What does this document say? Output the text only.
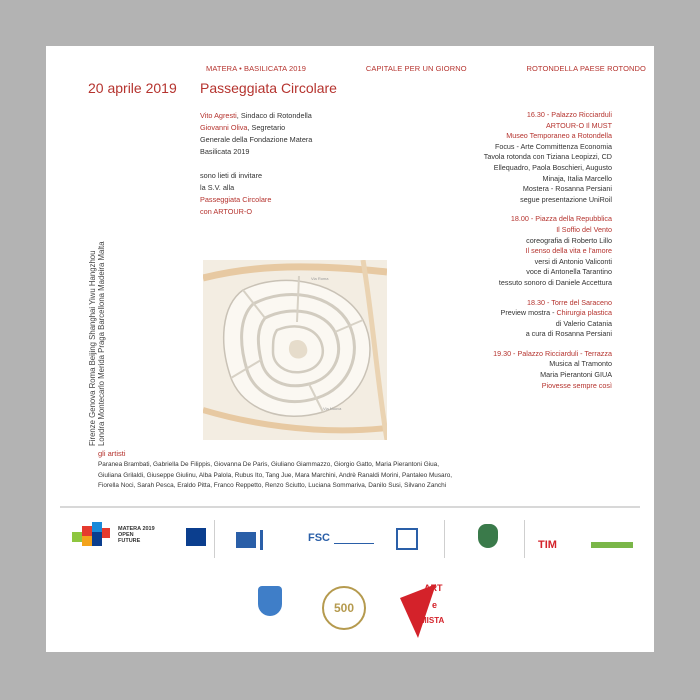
MATERA • BASILICATA 2019	CAPITALE PER UN GIORNO	ROTONDELLA PAESE ROTONDO
20 aprile 2019 Passeggiata Circolare
Firenze Genova Roma Beijing Shanghai Yiwu Hangzhou Londra Montecarlo Merida Praga Barcellona Madeira Malta
Vito Agresti, Sindaco di Rotondella
Giovanni Oliva, Segretario
Generale della Fondazione Matera
Basilicata 2019
sono lieti di invitare
la S.V. alla
Passeggiata Circolare
con ARTOUR-O
Via Roma
Via Nuova
16.30 - Palazzo Ricciarduli
ARTOUR-O Il MUST
Museo Temporaneo a Rotondella
Focus - Arte Committenza Economia
Tavola rotonda con Tiziana Leopizzi, CD
Ellequadro, Paola Boschieri, Augusto
Minaja, Italia Marcello
Mostera - Rosanna Persiani
segue presentazione UniRoil
18.00 - Piazza della Repubblica
Il Soffio del Vento
coreografia di Roberto Lillo
Il senso della vita e l'amore
versi di Antonio Valiconti
voce di Antonella Tarantino
tessuto sonoro di Daniele Accettura
18.30 - Torre del Saraceno
Preview mostra - Chirurgia plastica
di Valerio Catania
a cura di Rosanna Persiani
19.30 - Palazzo Ricciarduli - Terrazza
Musica al Tramonto
Maria Pierantoni GIUA
Piovesse sempre così
gli artisti
Paranea Brambati, Gabriella De Filippis, Giovanna De Paris, Giuliano Giammazzo, Giorgio Gatto, Maria Pierantoni Giua,
Giuliana Grilaldi, Giuseppe Giulinu, Alba Palola, Rubus Ito, Tang Jue, Mara Marchini, Andrè Ranaldi Morini, Pantaleo Musaro,
Fiorella Noci, Sarah Pesca, Eraldo Pitta, Franco Reppetto, Renzo Sciutto, Luciana Sommariva, Danilo Susi, Silvano Zanchi
MATERA 2019 OPEN FUTURE	FSC
TIM
500
ART
e
MISTA
